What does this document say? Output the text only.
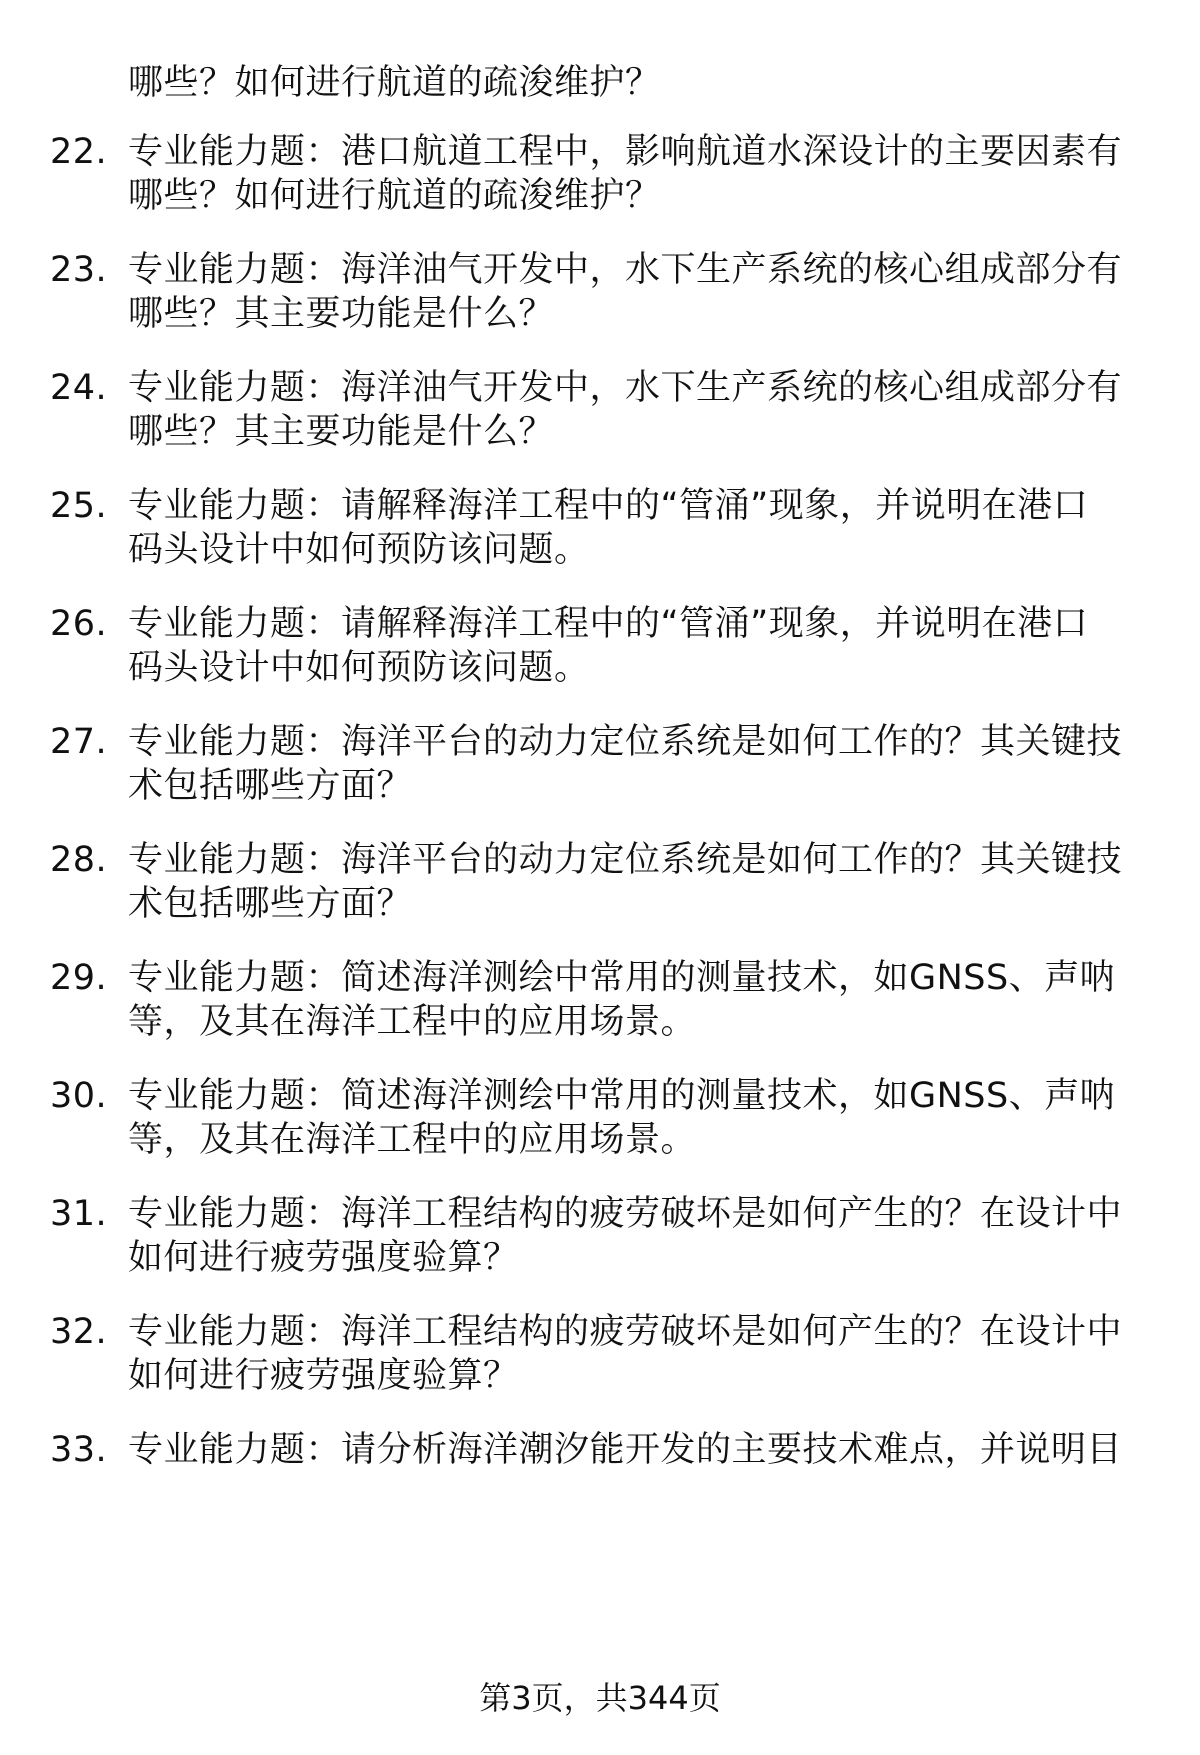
哪些？如何进行航道的疏浚维护？
22. 专业能力题：港口航道工程中，影响航道水深设计的主要因素有
哪些？如何进行航道的疏浚维护？
23. 专业能力题：海洋油气开发中，水下生产系统的核心组成部分有
哪些？其主要功能是什么？
24. 专业能力题：海洋油气开发中，水下生产系统的核心组成部分有
哪些？其主要功能是什么？
25. 专业能力题：请解释海洋工程中的“管涌”现象，并说明在港口
码头设计中如何预防该问题。
26. 专业能力题：请解释海洋工程中的“管涌”现象，并说明在港口
码头设计中如何预防该问题。
27. 专业能力题：海洋平台的动力定位系统是如何工作的？其关键技
术包括哪些方面？
28. 专业能力题：海洋平台的动力定位系统是如何工作的？其关键技
术包括哪些方面？
29. 专业能力题：简述海洋测绘中常用的测量技术，如GNSS、声呐
等，及其在海洋工程中的应用场景。
30. 专业能力题：简述海洋测绘中常用的测量技术，如GNSS、声呐
等，及其在海洋工程中的应用场景。
31. 专业能力题：海洋工程结构的疲劳破坏是如何产生的？在设计中
如何进行疲劳强度验算？
32. 专业能力题：海洋工程结构的疲劳破坏是如何产生的？在设计中
如何进行疲劳强度验算？
33. 专业能力题：请分析海洋潮汐能开发的主要技术难点，并说明目
第3页，共344页
